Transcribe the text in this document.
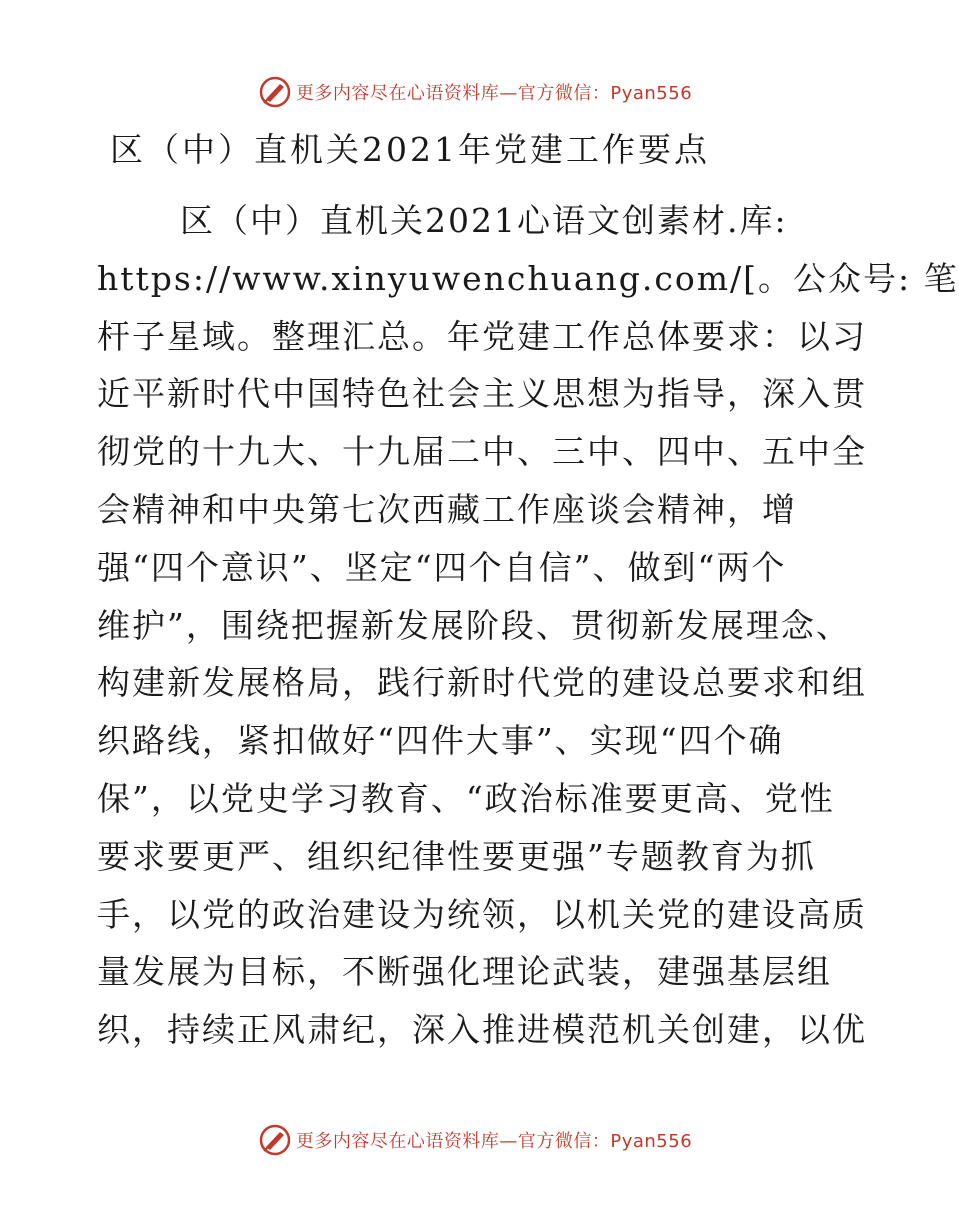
更多内容尽在心语资料库—官方微信：Pyan556
区（中）直机关2021年党建工作要点
区（中）直机关2021心语文创素材.库:
https://www.xinyuwenchuang.com/[。公众号: 笔
杆子星域。整理汇总。年党建工作总体要求：以习
近平新时代中国特色社会主义思想为指导，深入贯
彻党的十九大、十九届二中、三中、四中、五中全
会精神和中央第七次西藏工作座谈会精神，增
强“四个意识”、坚定“四个自信”、做到“两个
维护”，围绕把握新发展阶段、贯彻新发展理念、
构建新发展格局，践行新时代党的建设总要求和组
织路线，紧扣做好“四件大事”、实现“四个确
保”，以党史学习教育、“政治标准要更高、党性
要求要更严、组织纪律性要更强”专题教育为抓
手，以党的政治建设为统领，以机关党的建设高质
量发展为目标，不断强化理论武装，建强基层组
织，持续正风肃纪，深入推进模范机关创建，以优
更多内容尽在心语资料库—官方微信：Pyan556
